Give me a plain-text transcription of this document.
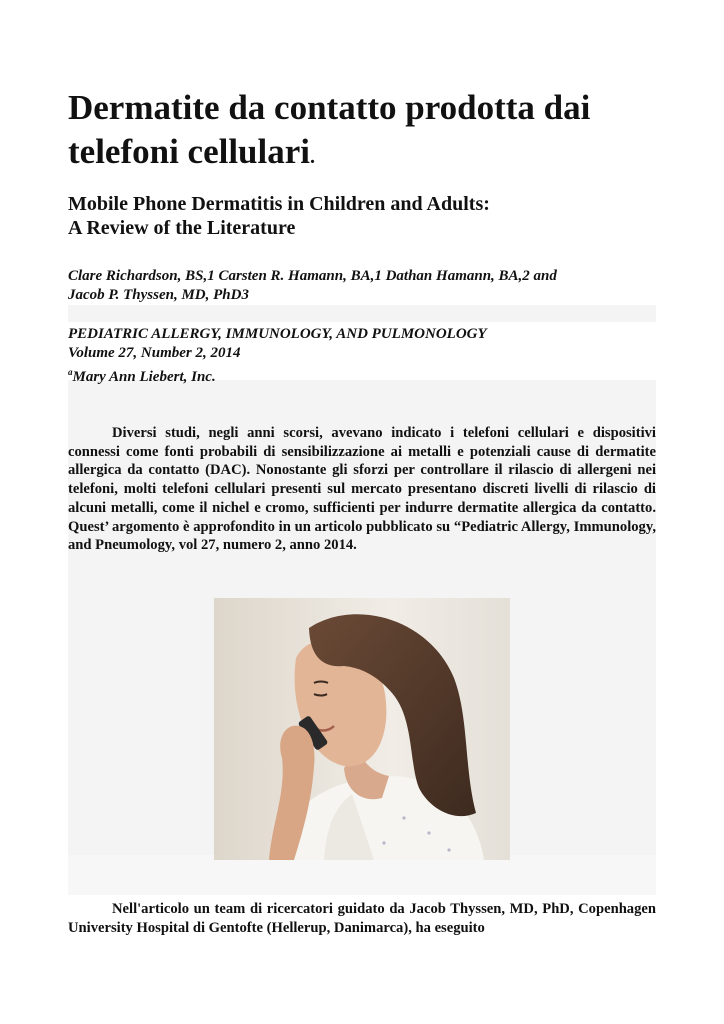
Dermatite da contatto prodotta dai telefoni cellulari.
Mobile Phone Dermatitis in Children and Adults:
A Review of the Literature

Clare Richardson, BS,1 Carsten R. Hamann, BA,1 Dathan Hamann, BA,2 and
Jacob P. Thyssen, MD, PhD3

PEDIATRIC ALLERGY, IMMUNOLOGY, AND PULMONOLOGY
Volume 27, Number 2, 2014
$^a$Mary Ann Liebert, Inc.

Diversi studi, negli anni scorsi, avevano indicato i telefoni cellulari e dispositivi connessi come fonti probabili di sensibilizzazione ai metalli e potenziali cause di dermatite allergica da contatto (DAC). Nonostante gli sforzi per controllare il rilascio di allergeni nei telefoni, molti telefoni cellulari presenti sul mercato presentano discreti livelli di rilascio di alcuni metalli, come il nichel e cromo, sufficienti per indurre dermatite allergica da contatto. Quest’ argomento è approfondito in un articolo pubblicato su “Pediatric Allergy, Immunology, and Pneumology, vol 27, numero 2, anno 2014.

Nell'articolo un team di ricercatori guidato da Jacob Thyssen, MD, PhD, Copenhagen University Hospital di Gentofte (Hellerup, Danimarca), ha eseguito
